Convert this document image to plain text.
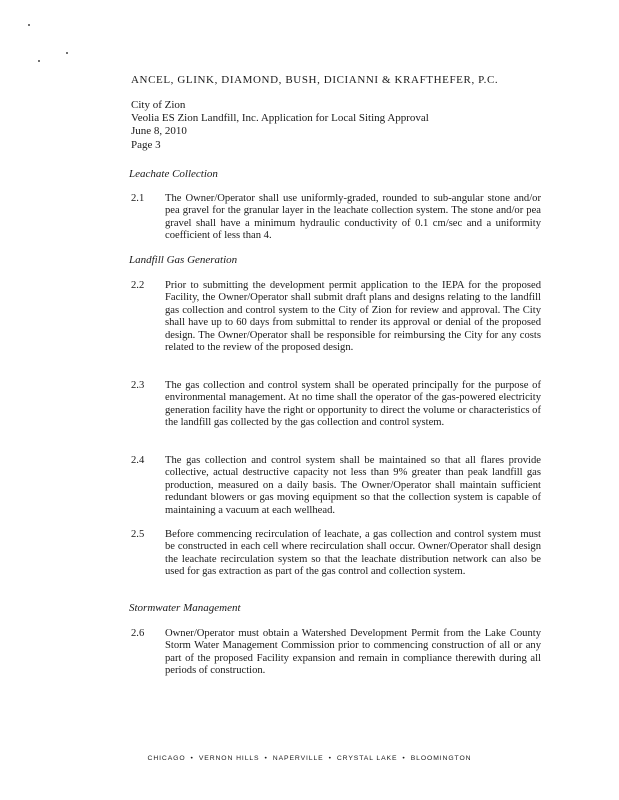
ANCEL, GLINK, DIAMOND, BUSH, DICIANNI & KRAFTHEFER, P.C.
City of Zion
Veolia ES Zion Landfill, Inc. Application for Local Siting Approval
June 8, 2010
Page 3
Leachate Collection
2.1 The Owner/Operator shall use uniformly-graded, rounded to sub-angular stone and/or pea gravel for the granular layer in the leachate collection system. The stone and/or pea gravel shall have a minimum hydraulic conductivity of 0.1 cm/sec and a uniformity coefficient of less than 4.
Landfill Gas Generation
2.2 Prior to submitting the development permit application to the IEPA for the proposed Facility, the Owner/Operator shall submit draft plans and designs relating to the landfill gas collection and control system to the City of Zion for review and approval. The City shall have up to 60 days from submittal to render its approval or denial of the proposed design. The Owner/Operator shall be responsible for reimbursing the City for any costs related to the review of the proposed design.
2.3 The gas collection and control system shall be operated principally for the purpose of environmental management. At no time shall the operator of the gas-powered electricity generation facility have the right or opportunity to direct the volume or characteristics of the landfill gas collected by the gas collection and control system.
2.4 The gas collection and control system shall be maintained so that all flares provide collective, actual destructive capacity not less than 9% greater than peak landfill gas production, measured on a daily basis. The Owner/Operator shall maintain sufficient redundant blowers or gas moving equipment so that the collection system is capable of maintaining a vacuum at each wellhead.
2.5 Before commencing recirculation of leachate, a gas collection and control system must be constructed in each cell where recirculation shall occur. Owner/Operator shall design the leachate recirculation system so that the leachate distribution network can also be used for gas extraction as part of the gas control and collection system.
Stormwater Management
2.6 Owner/Operator must obtain a Watershed Development Permit from the Lake County Storm Water Management Commission prior to commencing construction of all or any part of the proposed Facility expansion and remain in compliance therewith during all periods of construction.
CHICAGO • VERNON HILLS • NAPERVILLE • CRYSTAL LAKE • BLOOMINGTON
